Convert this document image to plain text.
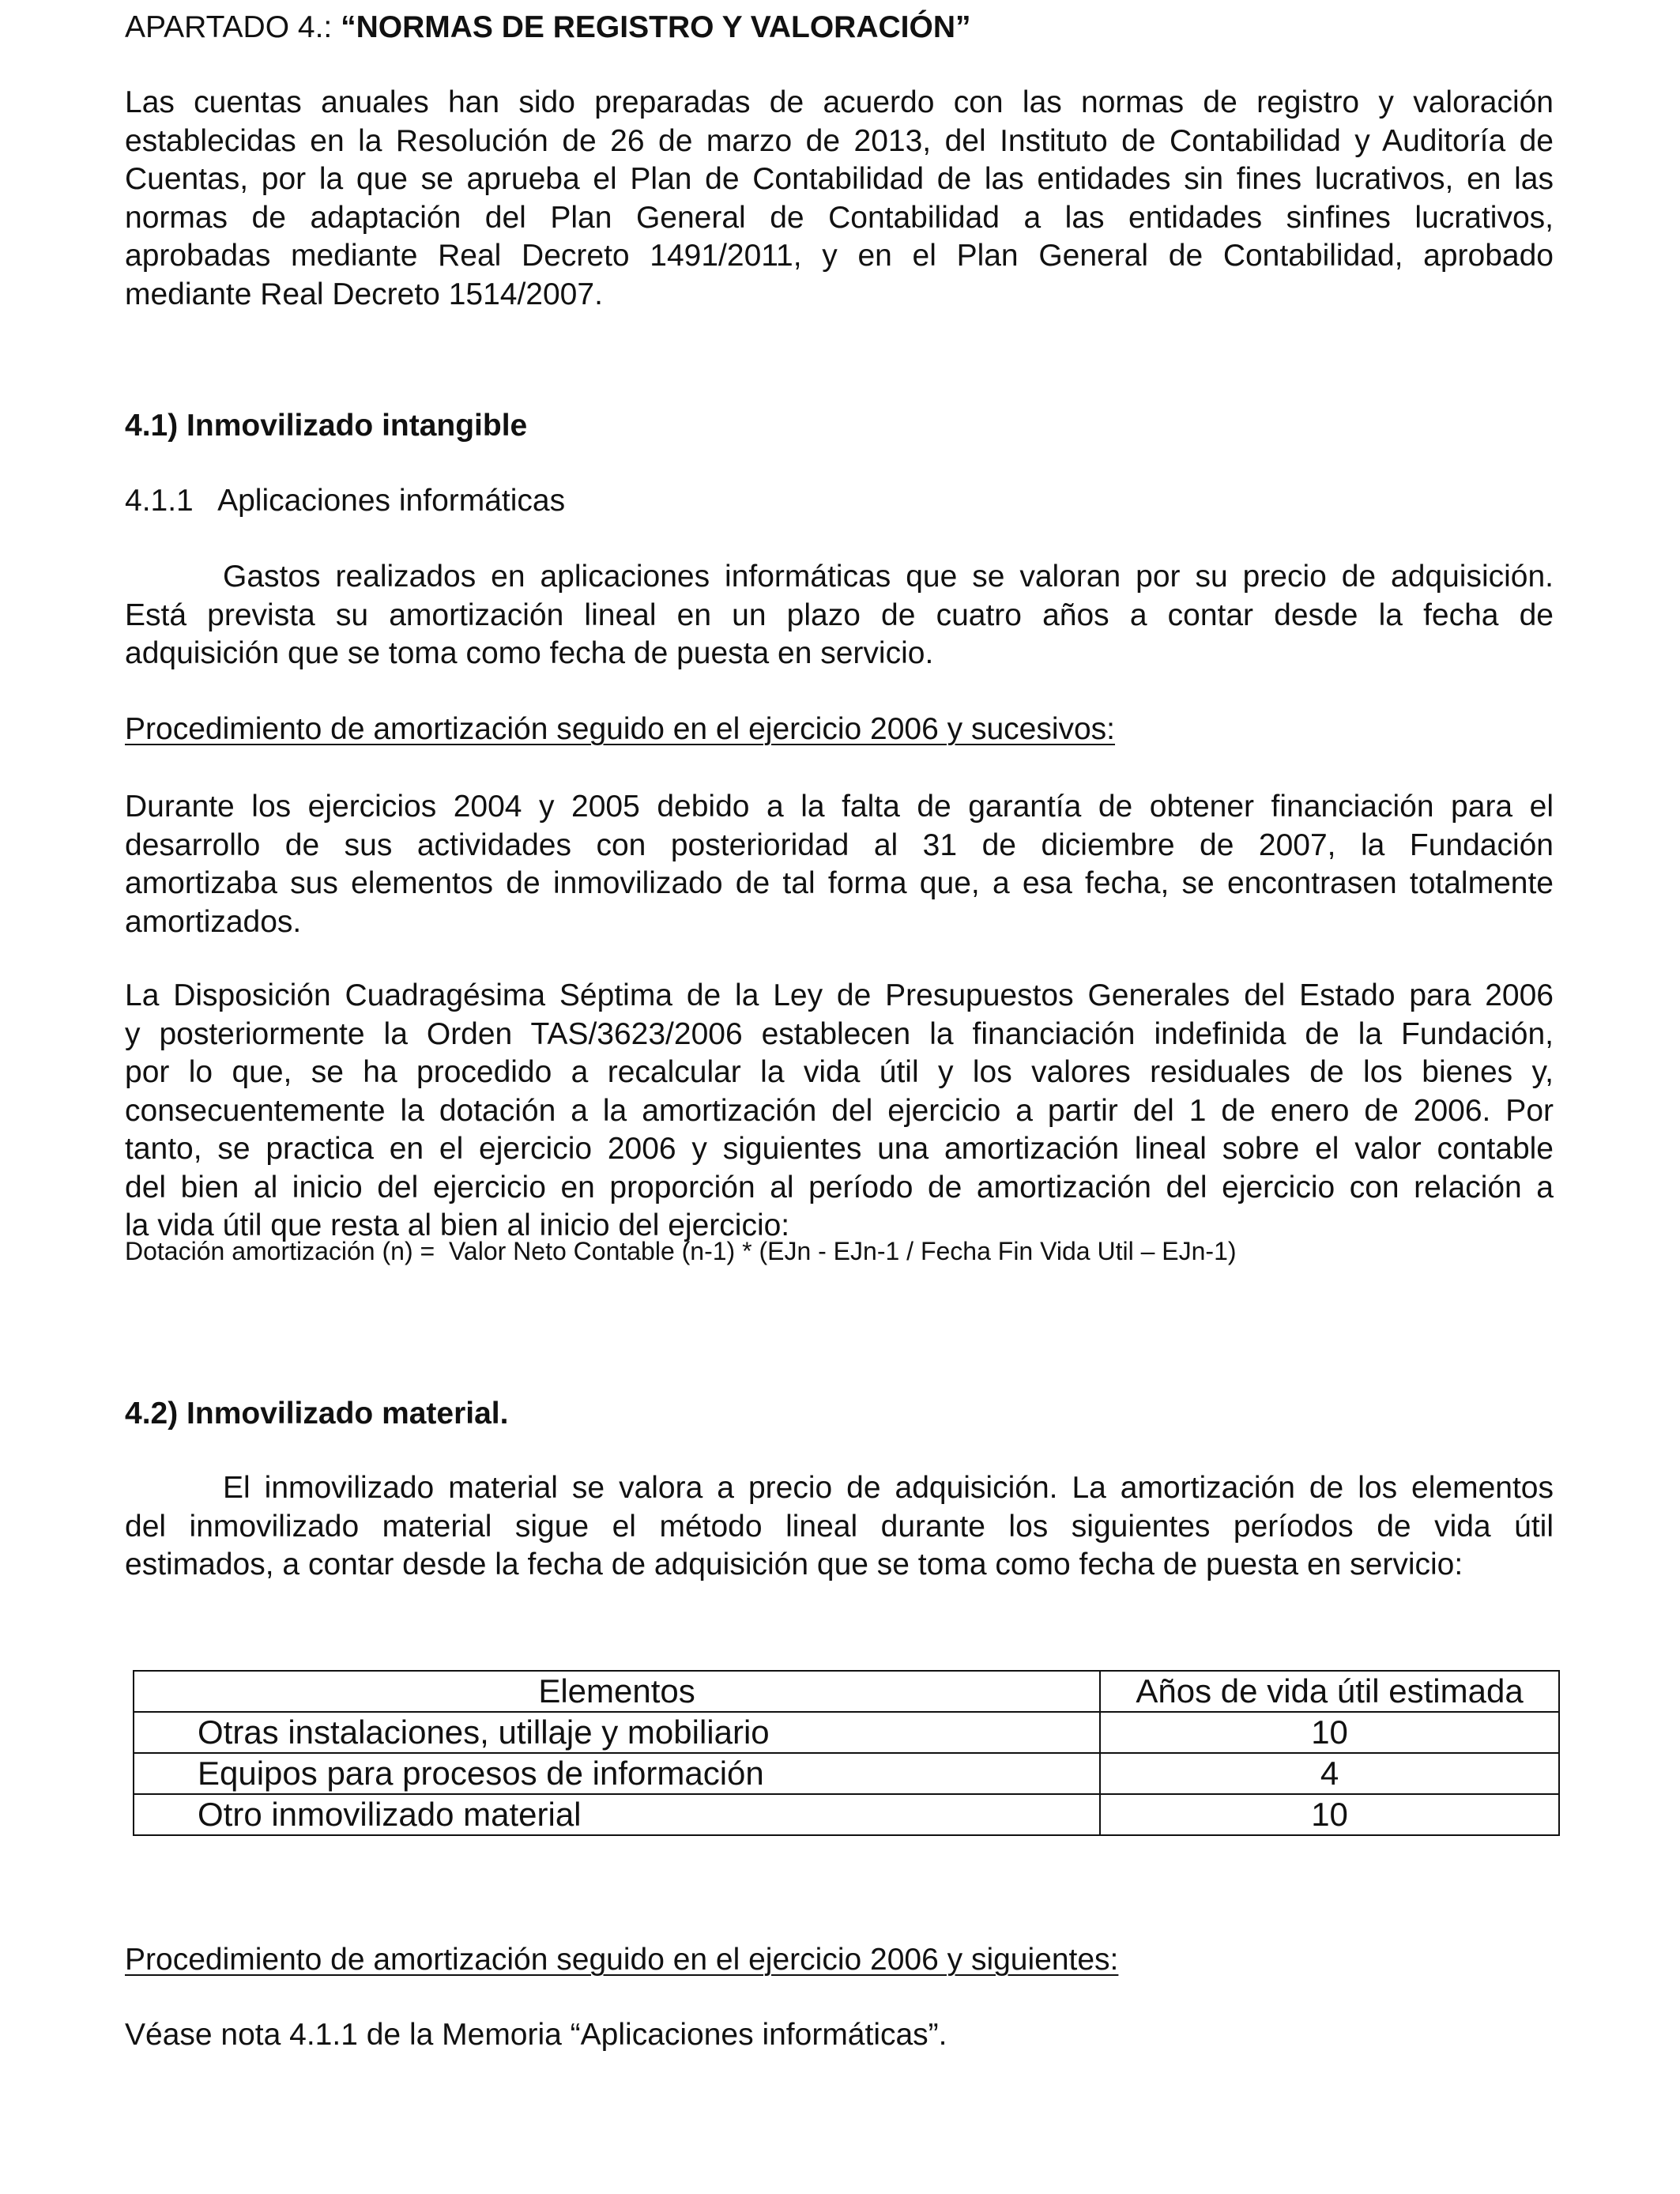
APARTADO 4.: “NORMAS DE REGISTRO Y VALORACIÓN”
Las cuentas anuales han sido preparadas de acuerdo con las normas de registro y valoración
establecidas en la Resolución de 26 de marzo de 2013, del Instituto de Contabilidad y Auditoría de
Cuentas, por la que se aprueba el Plan de Contabilidad de las entidades sin fines lucrativos, en las
normas de adaptación del Plan General de Contabilidad a las entidades sinfines lucrativos,
aprobadas mediante Real Decreto 1491/2011, y en el Plan General de Contabilidad, aprobado
mediante Real Decreto 1514/2007.
4.1) Inmovilizado intangible
4.1.1   Aplicaciones informáticas
Gastos realizados en aplicaciones informáticas que se valoran por su precio de adquisición.
Está prevista su amortización lineal en un plazo de cuatro años a contar desde la fecha de
adquisición que se toma como fecha de puesta en servicio.
Procedimiento de amortización seguido en el ejercicio 2006 y sucesivos:
Durante los ejercicios 2004 y 2005 debido a la falta de garantía de obtener financiación para el
desarrollo de sus actividades con posterioridad al 31 de diciembre de 2007, la Fundación
amortizaba sus elementos de inmovilizado de tal forma que, a esa fecha, se encontrasen totalmente
amortizados.
La Disposición Cuadragésima Séptima de la Ley de Presupuestos Generales del Estado para 2006
y posteriormente la Orden TAS/3623/2006 establecen la financiación indefinida de la Fundación,
por lo que, se ha procedido a recalcular la vida útil y los valores residuales de los bienes y,
consecuentemente la dotación a la amortización del ejercicio a partir del 1 de enero de 2006. Por
tanto, se practica en el ejercicio 2006 y siguientes una amortización lineal sobre el valor contable
del bien al inicio del ejercicio en proporción al período de amortización del ejercicio con relación a
la vida útil que resta al bien al inicio del ejercicio:
Dotación amortización (n) =  Valor Neto Contable (n-1) * (EJn - EJn-1 / Fecha Fin Vida Util – EJn-1)
4.2) Inmovilizado material.
El inmovilizado material se valora a precio de adquisición. La amortización de los elementos
del inmovilizado material sigue el método lineal durante los siguientes períodos de vida útil
estimados, a contar desde la fecha de adquisición que se toma como fecha de puesta en servicio:
Elementos	Años de vida útil estimada
Otras instalaciones, utillaje y mobiliario	10
Equipos para procesos de información	4
Otro inmovilizado material	10
Procedimiento de amortización seguido en el ejercicio 2006 y siguientes:
Véase nota 4.1.1 de la Memoria “Aplicaciones informáticas”.
